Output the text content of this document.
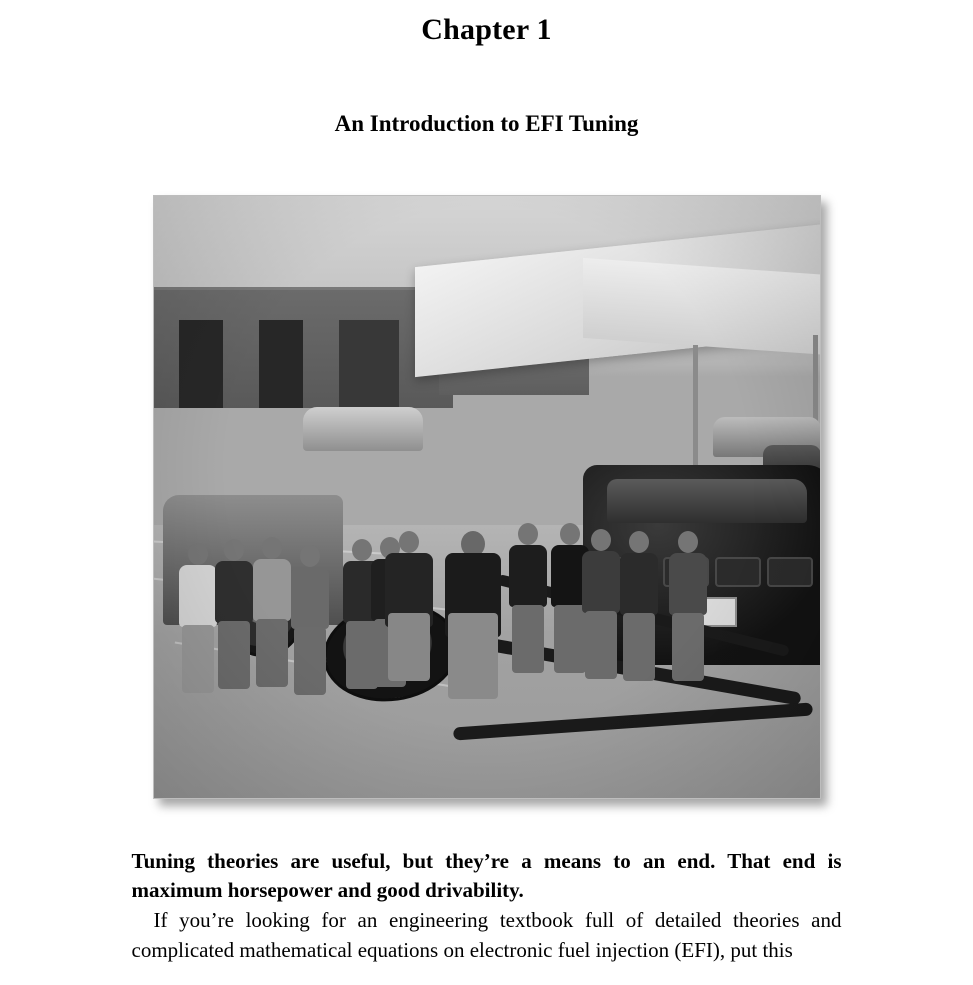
Chapter 1
An Introduction to EFI Tuning

Tuning theories are useful, but they’re a means to an end. That end is maximum horsepower and good drivability.

If you’re looking for an engineering textbook full of detailed theories and complicated mathematical equations on electronic fuel injection (EFI), put this
